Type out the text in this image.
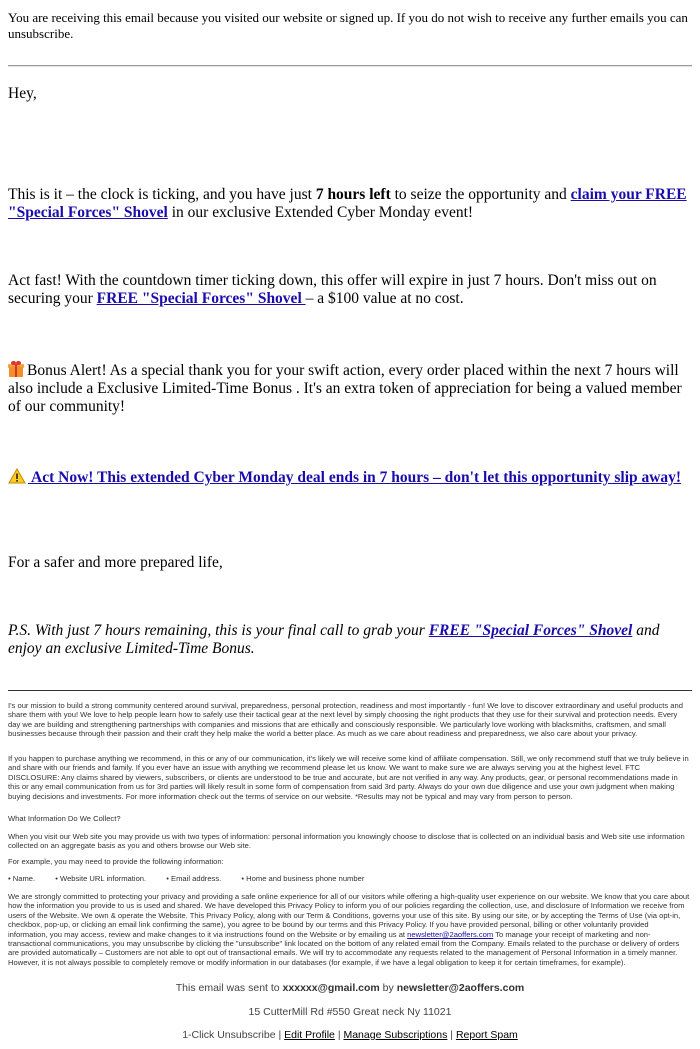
You are receiving this email because you visited our website or signed up. If you do not wish to receive any further emails you can unsubscribe.
Hey,
This is it – the clock is ticking, and you have just 7 hours left to seize the opportunity and claim your FREE "Special Forces" Shovel in our exclusive Extended Cyber Monday event!
Act fast! With the countdown timer ticking down, this offer will expire in just 7 hours. Don't miss out on securing your FREE "Special Forces" Shovel – a $100 value at no cost.
Bonus Alert! As a special thank you for your swift action, every order placed within the next 7 hours will also include a Exclusive Limited-Time Bonus . It's an extra token of appreciation for being a valued member of our community!
Act Now! This extended Cyber Monday deal ends in 7 hours – don't let this opportunity slip away!
For a safer and more prepared life,
P.S. With just 7 hours remaining, this is your final call to grab your FREE "Special Forces" Shovel and enjoy an exclusive Limited-Time Bonus.
I's our mission to build a strong community centered around survival, preparedness, personal protection, readiness and most importantly - fun! We love to discover extraordinary and useful products and share them with you! We love to help people learn how to safely use their tactical gear at the next level by simply choosing the right products that they use for their survival and protection needs. Every day we are building and strengthening partnerships with companies and missions that are ethically and consciously responsible. We particularly love working with blacksmiths, craftsmen, and small businesses because through their passion and their craft they help make the world a better place. As much as we care about readiness and preparedness, we also care about your privacy.
If you happen to purchase anything we recommend, in this or any of our communication, it's likely we will receive some kind of affiliate compensation. Still, we only recommend stuff that we truly believe in and share with our friends and family. If you ever have an issue with anything we recommend please let us know. We want to make sure we are always serving you at the highest level. FTC DISCLOSURE: Any claims shared by viewers, subscribers, or clients are understood to be true and accurate, but are not verified in any way. Any products, gear, or personal recommendations made in this or any email communication from us for 3rd parties will likely result in some form of compensation from said 3rd party. Always do your own due diligence and use your own judgment when making buying decisions and investments. For more information check out the terms of service on our website. *Results may not be typical and may vary from person to person.
What Information Do We Collect?
When you visit our Web site you may provide us with two types of information: personal information you knowingly choose to disclose that is collected on an individual basis and Web site use information collected on an aggregate basis as you and others browse our Web site.
For example, you may need to provide the following information:
• Name.	• Website URL information.	• Email address.	• Home and business phone number
We are strongly committed to protecting your privacy and providing a safe online experience for all of our visitors while offering a high-quality user experience on our website. We know that you care about how the information you provide to us is used and shared. We have developed this Privacy Policy to inform you of our policies regarding the collection, use, and disclosure of Information we receive from users of the Website. We own & operate the Website. This Privacy Policy, along with our Term & Conditions, governs your use of this site. By using our site, or by accepting the Terms of Use (via opt-in, checkbox, pop-up, or clicking an email link confirming the same), you agree to be bound by our terms and this Privacy Policy. If you have provided personal, billing or other voluntarily provided information, you may access, review and make changes to it via instructions found on the Website or by emailing us at newsletter@2aoffers.com To manage your receipt of marketing and non-transactional communications, you may unsubscribe by clicking the "unsubscribe" link located on the bottom of any related email from the Company. Emails related to the purchase or delivery of orders are provided automatically – Customers are not able to opt out of transactional emails. We will try to accommodate any requests related to the management of Personal Information in a timely manner. However, it is not always possible to completely remove or modify information in our databases (for example, if we have a legal obligation to keep it for certain timeframes, for example).
This email was sent to xxxxxx@gmail.com by newsletter@2aoffers.com
15 CutterMill Rd #550 Great neck Ny 11021
1-Click Unsubscribe | Edit Profile | Manage Subscriptions | Report Spam
